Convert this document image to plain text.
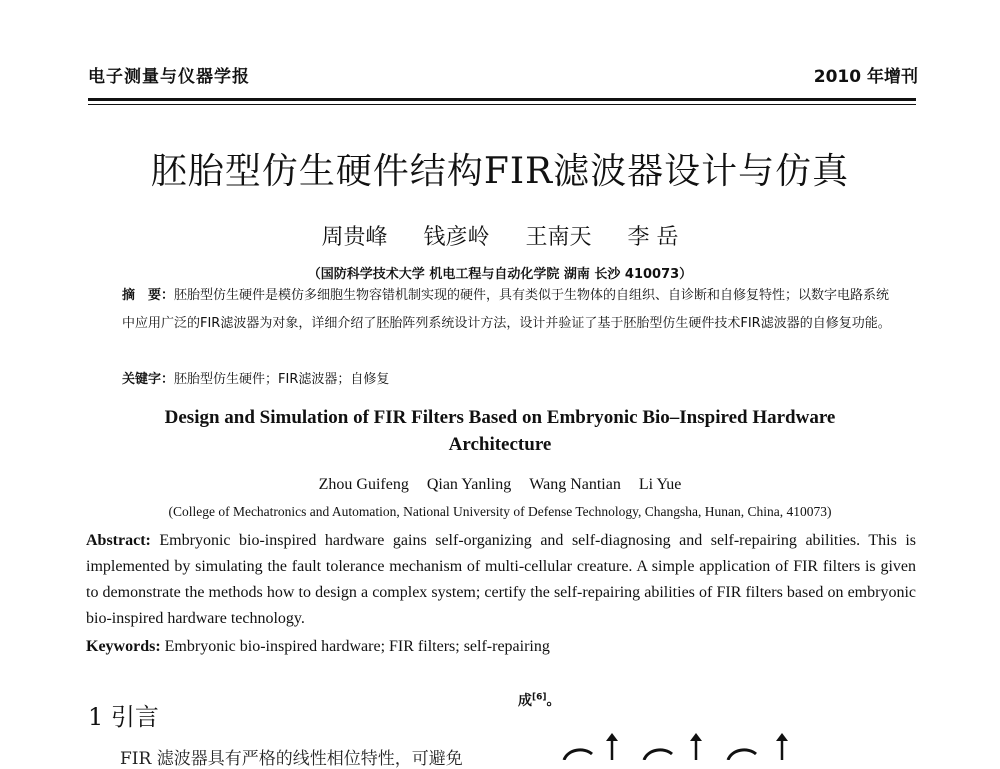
电子测量与仪器学报	2010 年增刊
胚胎型仿生硬件结构FIR滤波器设计与仿真
周贵峰 钱彦岭 王南天 李 岳
（国防科学技术大学 机电工程与自动化学院 湖南 长沙 410073）
摘　要：胚胎型仿生硬件是模仿多细胞生物容错机制实现的硬件，具有类似于生物体的自组织、自诊断和自修复特性；以数字电路系统中应用广泛的FIR滤波器为对象，详细介绍了胚胎阵列系统设计方法，设计并验证了基于胚胎型仿生硬件技术FIR滤波器的自修复功能。
关键字：胚胎型仿生硬件；FIR滤波器；自修复
Design and Simulation of FIR Filters Based on Embryonic Bio–Inspired Hardware Architecture
Zhou Guifeng Qian Yanling Wang Nantian Li Yue
(College of Mechatronics and Automation, National University of Defense Technology, Changsha, Hunan, China, 410073)
Abstract: Embryonic bio-inspired hardware gains self-organizing and self-diagnosing and self-repairing abilities. This is implemented by simulating the fault tolerance mechanism of multi-cellular creature. A simple application of FIR filters is given to demonstrate the methods how to design a complex system; certify the self-repairing abilities of FIR filters based on embryonic bio-inspired hardware technology.
Keywords: Embryonic bio-inspired hardware; FIR filters; self-repairing
1 引言
成[6]。
FIR 滤波器具有严格的线性相位特性，可避免
